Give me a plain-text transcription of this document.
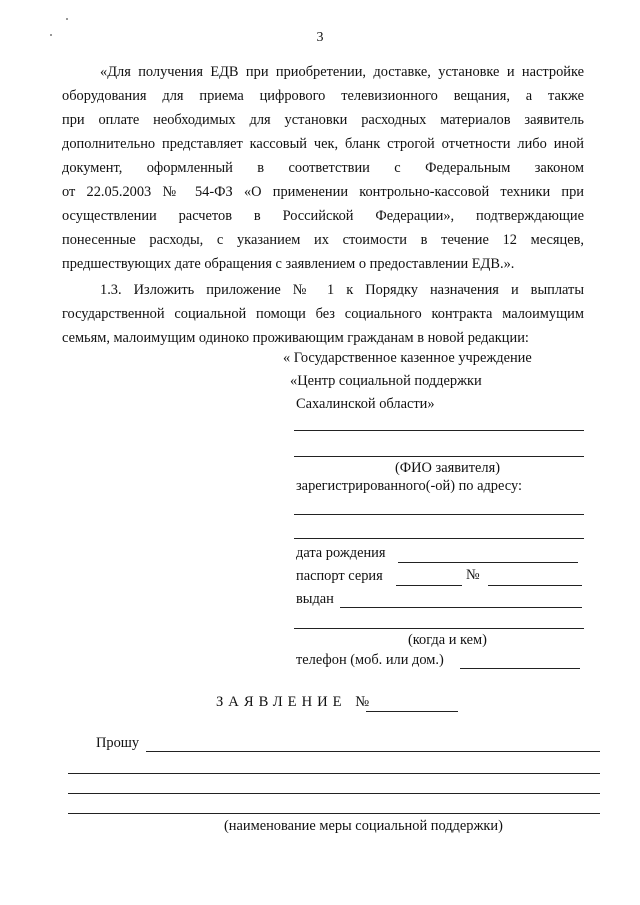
3
«Для получения ЕДВ при приобретении, доставке, установке и настройке
оборудования для приема цифрового телевизионного вещания, а также
при оплате необходимых для установки расходных материалов заявитель
дополнительно представляет кассовый чек, бланк строгой отчетности либо иной
документ, оформленный в соответствии с Федеральным законом
от 22.05.2003 № 54-ФЗ «О применении контрольно-кассовой техники при
осуществлении расчетов в Российской Федерации», подтверждающие
понесенные расходы, с указанием их стоимости в течение 12 месяцев,
предшествующих дате обращения с заявлением о предоставлении ЕДВ.».
1.3. Изложить приложение № 1 к Порядку назначения и выплаты
государственной социальной помощи без социального контракта малоимущим
семьям, малоимущим одиноко проживающим гражданам в новой редакции:
« Государственное казенное учреждение
«Центр социальной поддержки
Сахалинской области»
(ФИО заявителя)
зарегистрированного(-ой) по адресу:
дата рождения
паспорт серия	№
выдан
(когда и кем)
телефон (моб. или дом.)
ЗАЯВЛЕНИЕ №
Прошу
(наименование меры социальной поддержки)
